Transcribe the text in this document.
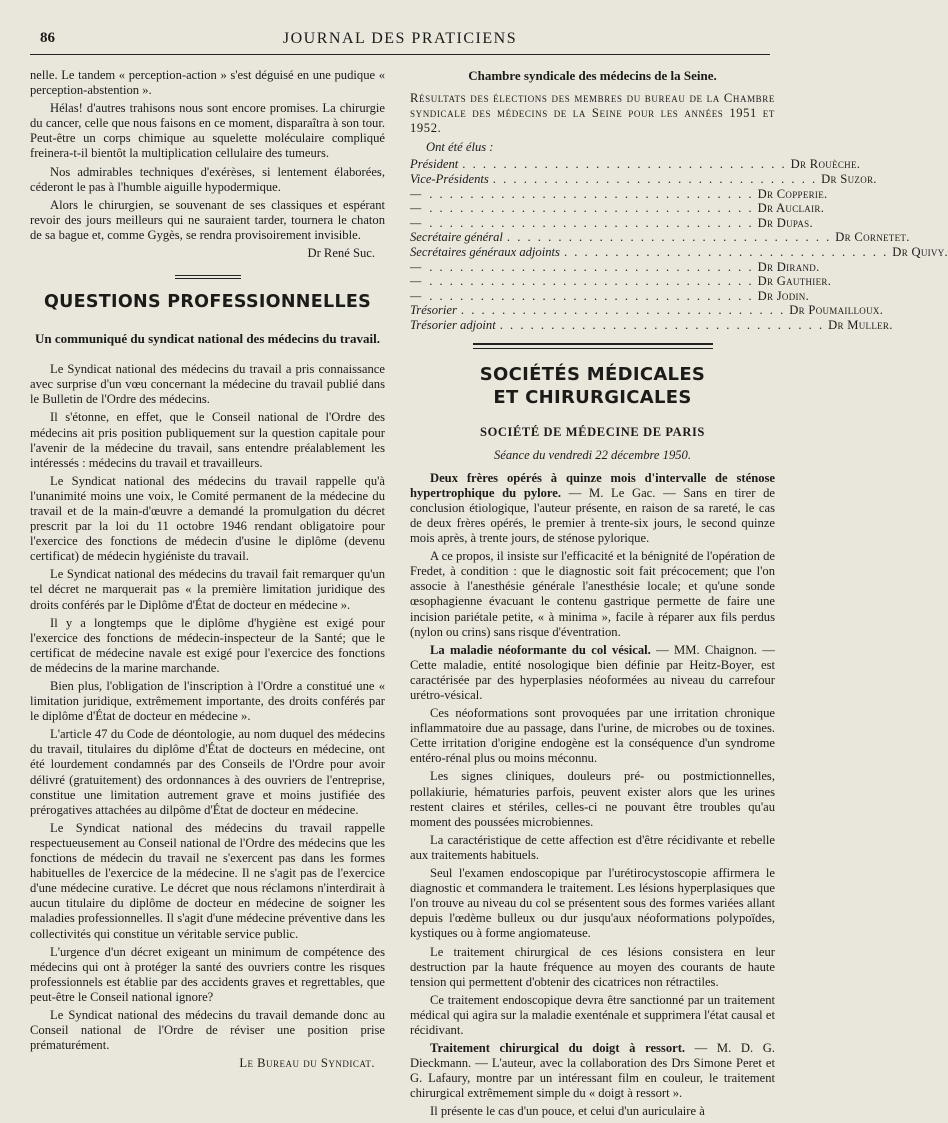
86	JOURNAL DES PRATICIENS

nelle. Le tandem « perception-action » s'est déguisé en une pudique « perception-abstention ».

Hélas! d'autres trahisons nous sont encore promises. La chirurgie du cancer, celle que nous faisons en ce moment, disparaîtra à son tour. Peut-être un corps chimique au squelette moléculaire compliqué freinera-t-il bientôt la multiplication cellulaire des tumeurs.

Nos admirables techniques d'exérèses, si lentement élaborées, céderont le pas à l'humble aiguille hypodermique.

Alors le chirurgien, se souvenant de ses classiques et espérant revoir des jours meilleurs qui ne sauraient tarder, tournera le chaton de sa bague et, comme Gygès, se rendra provisoirement invisible.

Dr René Suc.
QUESTIONS PROFESSIONNELLES
Un communiqué du syndicat national des médecins du travail.

Le Syndicat national des médecins du travail a pris connaissance avec surprise d'un vœu concernant la médecine du travail publié dans le Bulletin de l'Ordre des médecins.

Il s'étonne, en effet, que le Conseil national de l'Ordre des médecins ait pris position publiquement sur la question capitale pour l'avenir de la médecine du travail, sans entendre préalablement les intéressés : médecins du travail et travailleurs.

Le Syndicat national des médecins du travail rappelle qu'à l'unanimité moins une voix, le Comité permanent de la médecine du travail et de la main-d'œuvre a demandé la promulgation du décret prescrit par la loi du 11 octobre 1946 rendant obligatoire pour l'exercice des fonctions de médecin d'usine le diplôme (devenu certificat) de médecin hygiéniste du travail.

Le Syndicat national des médecins du travail fait remarquer qu'un tel décret ne marquerait pas « la première limitation juridique des droits conférés par le Diplôme d'État de docteur en médecine ».

Il y a longtemps que le diplôme d'hygiène est exigé pour l'exercice des fonctions de médecin-inspecteur de la Santé; que le certificat de médecine navale est exigé pour l'exercice des fonctions de médecins de la marine marchande.

Bien plus, l'obligation de l'inscription à l'Ordre a constitué une « limitation juridique, extrêmement importante, des droits conférés par le diplôme d'État de docteur en médecine ».

L'article 47 du Code de déontologie, au nom duquel des médecins du travail, titulaires du diplôme d'État de docteurs en médecine, ont été lourdement condamnés par des Conseils de l'Ordre pour avoir délivré (gratuitement) des ordonnances à des ouvriers de l'entreprise, constitue une limitation autrement grave et moins justifiée des prérogatives attachées au dilpôme d'État de docteur en médecine.

Le Syndicat national des médecins du travail rappelle respectueusement au Conseil national de l'Ordre des médecins que les fonctions de médecin du travail ne s'exercent pas dans les formes habituelles de l'exercice de la médecine. Il ne s'agit pas de l'exercice d'une médecine curative. Le décret que nous réclamons n'interdirait à aucun titulaire du diplôme de docteur en médecine de soigner les maladies professionnelles. Il s'agit d'une médecine préventive dans les collectivités qui constitue un véritable service public.

L'urgence d'un décret exigeant un minimum de compétence des médecins qui ont à protéger la santé des ouvriers contre les risques professionnels est établie par des accidents graves et regrettables, que peut-être le Conseil national ignore?

Le Syndicat national des médecins du travail demande donc au Conseil national de l'Ordre de réviser une position prise prématurément.

Le Bureau du Syndicat.
Chambre syndicale des médecins de la Seine.

Résultats des élections des membres du bureau de la Chambre syndicale des médecins de la Seine pour les années 1951 et 1952.

Ont été élus :
Président . . . . . . . . . . . . . . . . . . . . . . . . . . . . . . . . Dr Rouèche.
Vice-Présidents . . . . . . . . . . . . . . . . . . . . . . . . . . . . . . . . Dr Suzor.
— . . . . . . . . . . . . . . . . . . . . . . . . . . . . . . . . Dr Copperie.
— . . . . . . . . . . . . . . . . . . . . . . . . . . . . . . . . Dr Auclair.
— . . . . . . . . . . . . . . . . . . . . . . . . . . . . . . . . Dr Dupas.
Secrétaire général . . . . . . . . . . . . . . . . . . . . . . . . . . . . . . . . Dr Cornetet.
Secrétaires généraux adjoints . . . . . . . . . . . . . . . . . . . . . . . . . . . . . . . . Dr Quivy.
— . . . . . . . . . . . . . . . . . . . . . . . . . . . . . . . . Dr Dirand.
— . . . . . . . . . . . . . . . . . . . . . . . . . . . . . . . . Dr Gauthier.
— . . . . . . . . . . . . . . . . . . . . . . . . . . . . . . . . Dr Jodin.
Trésorier . . . . . . . . . . . . . . . . . . . . . . . . . . . . . . . . Dr Poumailloux.
Trésorier adjoint . . . . . . . . . . . . . . . . . . . . . . . . . . . . . . . . Dr Muller.
SOCIÉTÉS MÉDICALES
ET CHIRURGICALES
SOCIÉTÉ DE MÉDECINE DE PARIS
Séance du vendredi 22 décembre 1950.

Deux frères opérés à quinze mois d'intervalle de sténose hypertrophique du pylore. — M. Le Gac. — Sans en tirer de conclusion étiologique, l'auteur présente, en raison de sa rareté, le cas de deux frères opérés, le premier à trente-six jours, le second quinze mois après, à trente jours, de sténose pylorique.

A ce propos, il insiste sur l'efficacité et la bénignité de l'opération de Fredet, à condition : que le diagnostic soit fait précocement; que l'on associe à l'anesthésie générale l'anesthésie locale; et qu'une sonde œsophagienne évacuant le contenu gastrique permette de faire une incision pariétale petite, « à minima », facile à réparer aux fils perdus (nylon ou crins) sans risque d'éventration.

La maladie néoformante du col vésical. — MM. Chaignon. — Cette maladie, entité nosologique bien définie par Heitz-Boyer, est caractérisée par des hyperplasies néoformées au niveau du carrefour urétro-vésical.

Ces néoformations sont provoquées par une irritation chronique inflammatoire due au passage, dans l'urine, de microbes ou de toxines. Cette irritation d'origine endogène est la conséquence d'un syndrome entéro-rénal plus ou moins méconnu.

Les signes cliniques, douleurs pré- ou postmictionnelles, pollakiurie, hématuries parfois, peuvent exister alors que les urines restent claires et stériles, celles-ci ne pouvant être troubles qu'au moment des poussées microbiennes.

La caractéristique de cette affection est d'être récidivante et rebelle aux traitements habituels.

Seul l'examen endoscopique par l'urétirocystoscopie affirmera le diagnostic et commandera le traitement. Les lésions hyperplasiques que l'on trouve au niveau du col se présentent sous des formes variées allant depuis l'œdème bulleux ou dur jusqu'aux néoformations polypoïdes, kystiques ou à forme angiomateuse.

Le traitement chirurgical de ces lésions consistera en leur destruction par la haute fréquence au moyen des courants de haute tension qui permettent d'obtenir des cicatrices non rétractiles.

Ce traitement endoscopique devra être sanctionné par un traitement médical qui agira sur la maladie exenténale et supprimera l'état causal et récidivant.

Traitement chirurgical du doigt à ressort. — M. D. G. Dieckmann. — L'auteur, avec la collaboration des Drs Simone Peret et G. Lafaury, montre par un intéressant film en couleur, le traitement chirurgical extrêmement simple du « doigt à ressort ».

Il présente le cas d'un pouce, et celui d'un auriculaire à
